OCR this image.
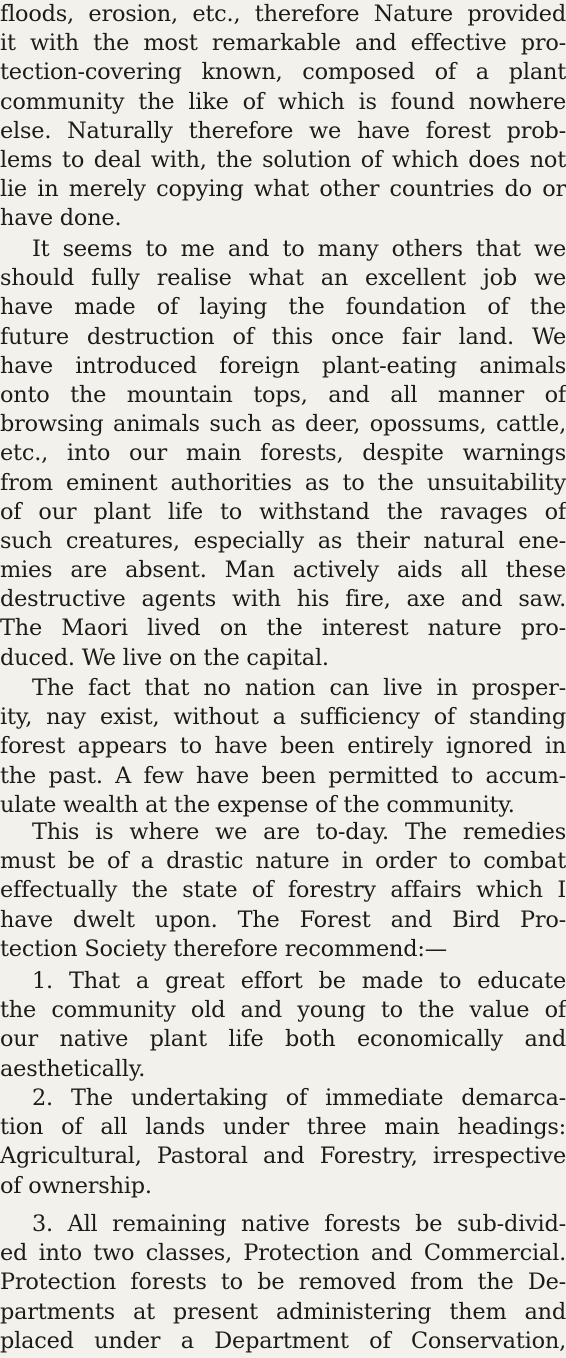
floods, erosion, etc., therefore Nature provided
it with the most remarkable and effective pro-
tection-covering known, composed of a plant
community the like of which is found nowhere
else. Naturally therefore we have forest prob-
lems to deal with, the solution of which does not
lie in merely copying what other countries do or
have done.
It seems to me and to many others that we
should fully realise what an excellent job we
have made of laying the foundation of the
future destruction of this once fair land. We
have introduced foreign plant-eating animals
onto the mountain tops, and all manner of
browsing animals such as deer, opossums, cattle,
etc., into our main forests, despite warnings
from eminent authorities as to the unsuitability
of our plant life to withstand the ravages of
such creatures, especially as their natural ene-
mies are absent. Man actively aids all these
destructive agents with his fire, axe and saw.
The Maori lived on the interest nature pro-
duced. We live on the capital.
The fact that no nation can live in prosper-
ity, nay exist, without a sufficiency of standing
forest appears to have been entirely ignored in
the past. A few have been permitted to accum-
ulate wealth at the expense of the community.
This is where we are to-day. The remedies
must be of a drastic nature in order to combat
effectually the state of forestry affairs which I
have dwelt upon. The Forest and Bird Pro-
tection Society therefore recommend:—
1. That a great effort be made to educate
the community old and young to the value of
our native plant life both economically and
aesthetically.
2. The undertaking of immediate demarca-
tion of all lands under three main headings:
Agricultural, Pastoral and Forestry, irrespective
of ownership.
3. All remaining native forests be sub-divid-
ed into two classes, Protection and Commercial.
Protection forests to be removed from the De-
partments at present administering them and
placed under a Department of Conservation,
